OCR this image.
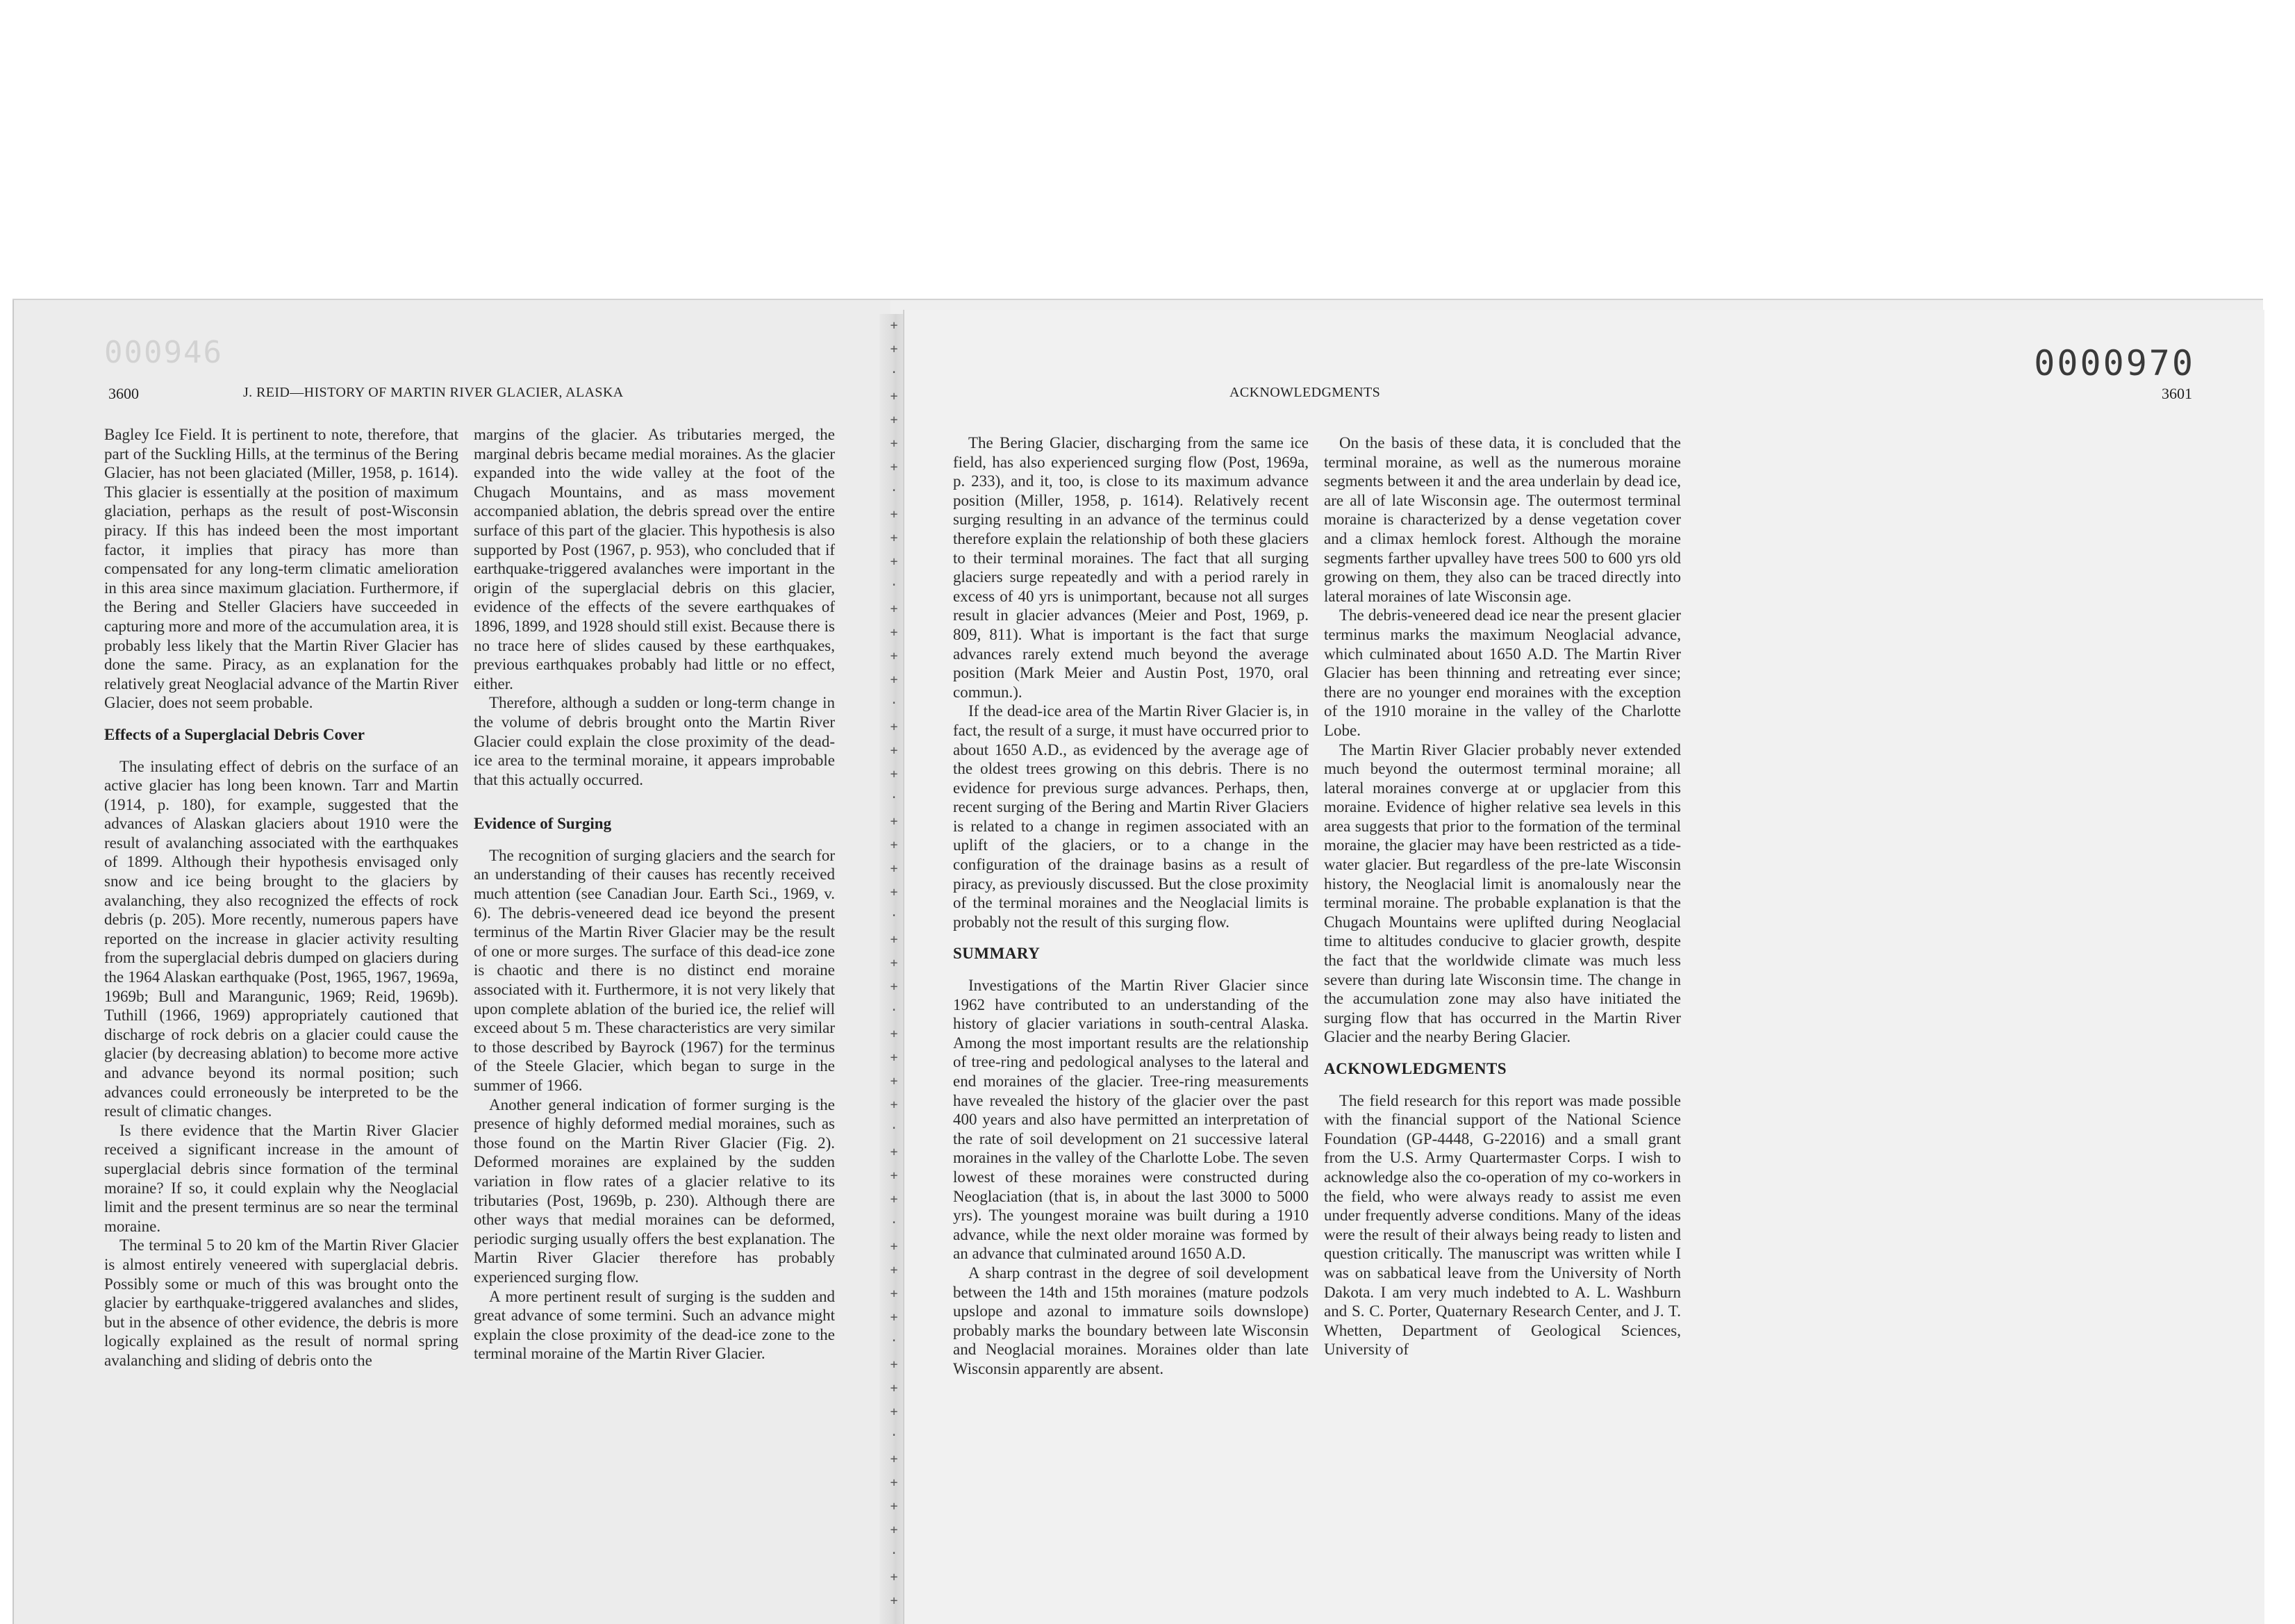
000946
3600	J. REID—HISTORY OF MARTIN RIVER GLACIER, ALASKA

Bagley Ice Field. It is pertinent to note, therefore, that part of the Suckling Hills, at the terminus of the Bering Glacier, has not been glaciated (Miller, 1958, p. 1614). This glacier is essentially at the position of maximum glaciation, perhaps as the result of post-Wisconsin piracy. If this has indeed been the most important factor, it implies that piracy has more than compensated for any long-term climatic amelioration in this area since maximum glaciation. Furthermore, if the Bering and Steller Glaciers have succeeded in capturing more and more of the accumulation area, it is probably less likely that the Martin River Glacier has done the same. Piracy, as an explanation for the relatively great Neoglacial advance of the Martin River Glacier, does not seem probable.

Effects of a Superglacial Debris Cover

The insulating effect of debris on the surface of an active glacier has long been known. Tarr and Martin (1914, p. 180), for example, suggested that the advances of Alaskan glaciers about 1910 were the result of avalanching associated with the earthquakes of 1899. Although their hypothesis envisaged only snow and ice being brought to the glaciers by avalanching, they also recognized the effects of rock debris (p. 205). More recently, numerous papers have reported on the increase in glacier activity resulting from the superglacial debris dumped on glaciers during the 1964 Alaskan earthquake (Post, 1965, 1967, 1969a, 1969b; Bull and Marangunic, 1969; Reid, 1969b). Tuthill (1966, 1969) appropriately cautioned that discharge of rock debris on a glacier could cause the glacier (by decreasing ablation) to become more active and advance beyond its normal position; such advances could erroneously be interpreted to be the result of climatic changes.

Is there evidence that the Martin River Glacier received a significant increase in the amount of superglacial debris since formation of the terminal moraine? If so, it could explain why the Neoglacial limit and the present terminus are so near the terminal moraine.

The terminal 5 to 20 km of the Martin River Glacier is almost entirely veneered with superglacial debris. Possibly some or much of this was brought onto the glacier by earthquake-triggered avalanches and slides, but in the absence of other evidence, the debris is more logically explained as the result of normal spring avalanching and sliding of debris onto the

margins of the glacier. As tributaries merged, the marginal debris became medial moraines. As the glacier expanded into the wide valley at the foot of the Chugach Mountains, and as mass movement accompanied ablation, the debris spread over the entire surface of this part of the glacier. This hypothesis is also supported by Post (1967, p. 953), who concluded that if earthquake-triggered avalanches were important in the origin of the superglacial debris on this glacier, evidence of the effects of the severe earthquakes of 1896, 1899, and 1928 should still exist. Because there is no trace here of slides caused by these earthquakes, previous earthquakes probably had little or no effect, either.

Therefore, although a sudden or long-term change in the volume of debris brought onto the Martin River Glacier could explain the close proximity of the dead-ice area to the terminal moraine, it appears improbable that this actually occurred.

Evidence of Surging

The recognition of surging glaciers and the search for an understanding of their causes has recently received much attention (see Canadian Jour. Earth Sci., 1969, v. 6). The debris-veneered dead ice beyond the present terminus of the Martin River Glacier may be the result of one or more surges. The surface of this dead-ice zone is chaotic and there is no distinct end moraine associated with it. Furthermore, it is not very likely that upon complete ablation of the buried ice, the relief will exceed about 5 m. These characteristics are very similar to those described by Bayrock (1967) for the terminus of the Steele Glacier, which began to surge in the summer of 1966.

Another general indication of former surging is the presence of highly deformed medial moraines, such as those found on the Martin River Glacier (Fig. 2). Deformed moraines are explained by the sudden variation in flow rates of a glacier relative to its tributaries (Post, 1969b, p. 230). Although there are other ways that medial moraines can be deformed, periodic surging usually offers the best explanation. The Martin River Glacier therefore has probably experienced surging flow.

A more pertinent result of surging is the sudden and great advance of some termini. Such an advance might explain the close proximity of the dead-ice zone to the terminal moraine of the Martin River Glacier.

+
+
·
+
+
+
+
·
+
+
+
·
+
+
+
+
·
+
+
+
·
+
+
+
+
·
+
+
+
·
+
+
+
+
·
+
+
+
·
+
+
+
+
·
+
+
+
·
+
+
+
+
·
+
+
0000970
ACKNOWLEDGMENTS	3601

The Bering Glacier, discharging from the same ice field, has also experienced surging flow (Post, 1969a, p. 233), and it, too, is close to its maximum advance position (Miller, 1958, p. 1614). Relatively recent surging resulting in an advance of the terminus could therefore explain the relationship of both these glaciers to their terminal moraines. The fact that all surging glaciers surge repeatedly and with a period rarely in excess of 40 yrs is unimportant, because not all surges result in glacier advances (Meier and Post, 1969, p. 809, 811). What is important is the fact that surge advances rarely extend much beyond the average position (Mark Meier and Austin Post, 1970, oral commun.).

If the dead-ice area of the Martin River Glacier is, in fact, the result of a surge, it must have occurred prior to about 1650 A.D., as evidenced by the average age of the oldest trees growing on this debris. There is no evidence for previous surge advances. Perhaps, then, recent surging of the Bering and Martin River Glaciers is related to a change in regimen associated with an uplift of the glaciers, or to a change in the configuration of the drainage basins as a result of piracy, as previously discussed. But the close proximity of the terminal moraines and the Neoglacial limits is probably not the result of this surging flow.

SUMMARY

Investigations of the Martin River Glacier since 1962 have contributed to an understanding of the history of glacier variations in south-central Alaska. Among the most important results are the relationship of tree-ring and pedological analyses to the lateral and end moraines of the glacier. Tree-ring measurements have revealed the history of the glacier over the past 400 years and also have permitted an interpretation of the rate of soil development on 21 successive lateral moraines in the valley of the Charlotte Lobe. The seven lowest of these moraines were constructed during Neoglaciation (that is, in about the last 3000 to 5000 yrs). The youngest moraine was built during a 1910 advance, while the next older moraine was formed by an advance that culminated around 1650 A.D.

A sharp contrast in the degree of soil development between the 14th and 15th moraines (mature podzols upslope and azonal to immature soils downslope) probably marks the boundary between late Wisconsin and Neoglacial moraines. Moraines older than late Wisconsin apparently are absent.

On the basis of these data, it is concluded that the terminal moraine, as well as the numerous moraine segments between it and the area underlain by dead ice, are all of late Wisconsin age. The outermost terminal moraine is characterized by a dense vegetation cover and a climax hemlock forest. Although the moraine segments farther upvalley have trees 500 to 600 yrs old growing on them, they also can be traced directly into lateral moraines of late Wisconsin age.

The debris-veneered dead ice near the present glacier terminus marks the maximum Neoglacial advance, which culminated about 1650 A.D. The Martin River Glacier has been thinning and retreating ever since; there are no younger end moraines with the exception of the 1910 moraine in the valley of the Charlotte Lobe.

The Martin River Glacier probably never extended much beyond the outermost terminal moraine; all lateral moraines converge at or upglacier from this moraine. Evidence of higher relative sea levels in this area suggests that prior to the formation of the terminal moraine, the glacier may have been restricted as a tide-water glacier. But regardless of the pre-late Wisconsin history, the Neoglacial limit is anomalously near the terminal moraine. The probable explanation is that the Chugach Mountains were uplifted during Neoglacial time to altitudes conducive to glacier growth, despite the fact that the worldwide climate was much less severe than during late Wisconsin time. The change in the accumulation zone may also have initiated the surging flow that has occurred in the Martin River Glacier and the nearby Bering Glacier.

ACKNOWLEDGMENTS

The field research for this report was made possible with the financial support of the National Science Foundation (GP-4448, G-22016) and a small grant from the U.S. Army Quartermaster Corps. I wish to acknowledge also the co-operation of my co-workers in the field, who were always ready to assist me even under frequently adverse conditions. Many of the ideas were the result of their always being ready to listen and question critically. The manuscript was written while I was on sabbatical leave from the University of North Dakota. I am very much indebted to A. L. Washburn and S. C. Porter, Quaternary Research Center, and J. T. Whetten, Department of Geological Sciences, University of
